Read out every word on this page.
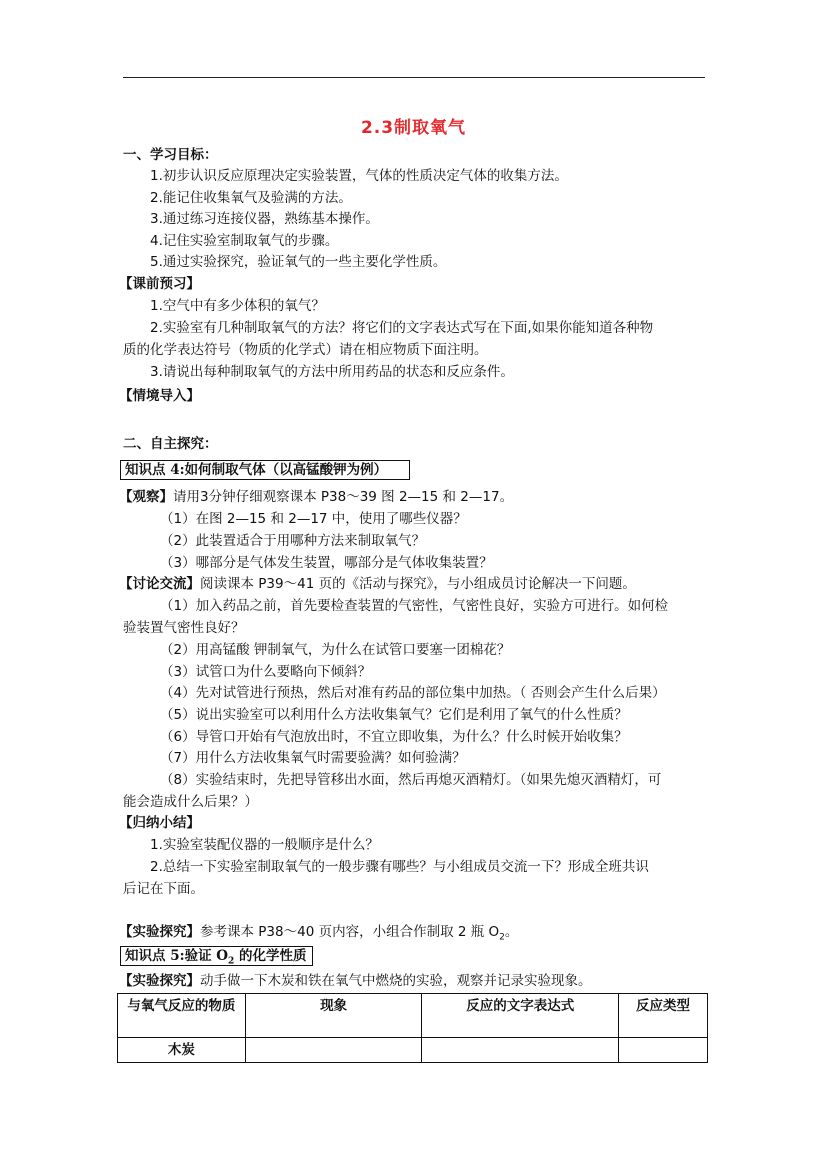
2.3制取氧气
一、学习目标：
1.初步认识反应原理决定实验装置，气体的性质决定气体的收集方法。
2.能记住收集氧气及验满的方法。
3.通过练习连接仪器，熟练基本操作。
4.记住实验室制取氧气的步骤。
5.通过实验探究，验证氧气的一些主要化学性质。
【课前预习】
1.空气中有多少体积的氧气？
2.实验室有几种制取氧气的方法？将它们的文字表达式写在下面,如果你能知道各种物
质的化学表达符号（物质的化学式）请在相应物质下面注明。
3.请说出每种制取氧气的方法中所用药品的状态和反应条件。
【情境导入】
二、自主探究：
知识点 4:如何制取气体（以高锰酸钾为例）
【观察】请用3分钟仔细观察课本 P38～39 图 2—15 和 2—17。
（1）在图 2—15 和 2—17 中，使用了哪些仪器？
（2）此装置适合于用哪种方法来制取氧气？
（3）哪部分是气体发生装置，哪部分是气体收集装置？
【讨论交流】阅读课本 P39～41 页的《活动与探究》，与小组成员讨论解决一下问题。
（1）加入药品之前，首先要检查装置的气密性，气密性良好，实验方可进行。如何检
验装置气密性良好？
（2）用高锰酸 钾制氧气，为什么在试管口要塞一团棉花？
（3）试管口为什么要略向下倾斜？
（4）先对试管进行预热，然后对准有药品的部位集中加热。（ 否则会产生什么后果）
（5）说出实验室可以利用什么方法收集氧气？它们是利用了氧气的什么性质？
（6）导管口开始有气泡放出时，不宜立即收集，为什么？什么时候开始收集？
（7）用什么方法收集氧气时需要验满？如何验满？
（8）实验结束时，先把导管移出水面，然后再熄灭酒精灯。（如果先熄灭酒精灯，可
能会造成什么后果？）
【归纳小结】
1.实验室装配仪器的一般顺序是什么？
2.总结一下实验室制取氧气的一般步骤有哪些？与小组成员交流一下？形成全班共识
后记在下面。
【实验探究】参考课本 P38～40 页内容，小组合作制取 2 瓶 $O_2$。
知识点 5:验证 $O_2$ 的化学性质
【实验探究】动手做一下木炭和铁在氧气中燃烧的实验，观察并记录实验现象。
与氧气反应的物质	现象	反应的文字表达式	反应类型
木炭			
